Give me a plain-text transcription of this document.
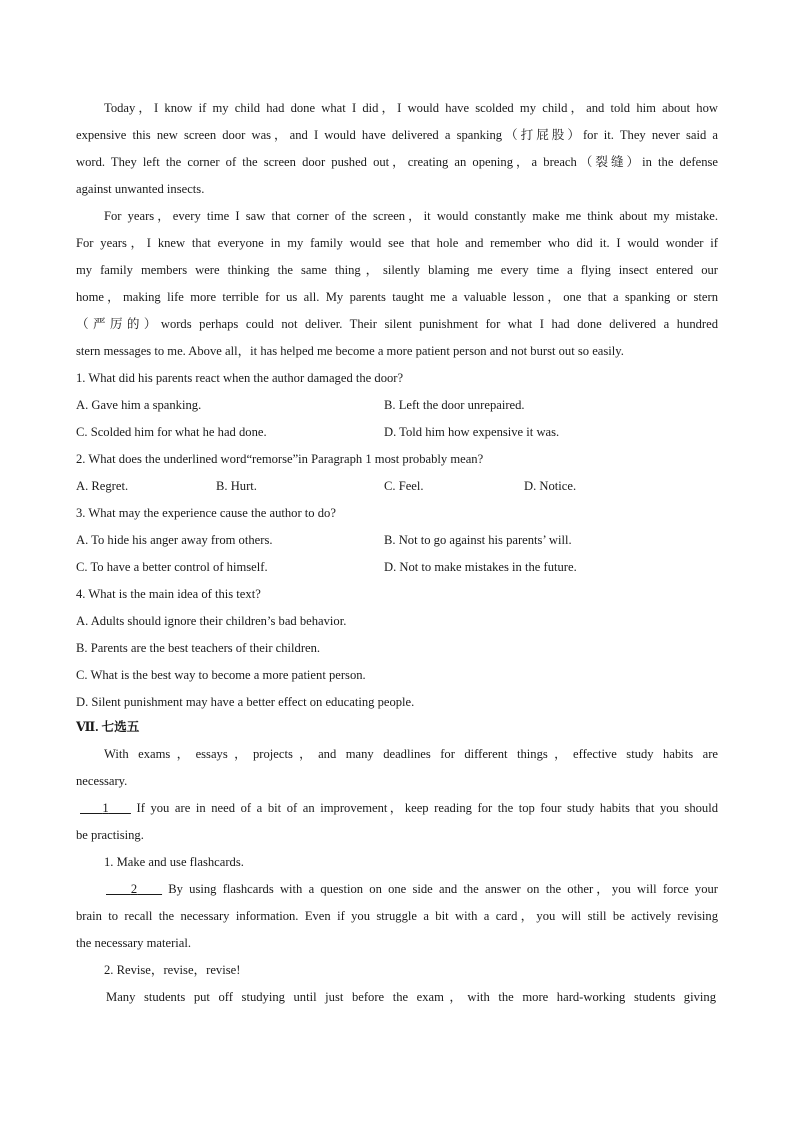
Today，I know if my child had done what I did，I would have scolded my child，and told him about how
expensive this new screen door was，and I would have delivered a spanking（打屁股）for it. They never said a
word. They left the corner of the screen door pushed out，creating an opening，a breach（裂缝）in the defense
against unwanted insects.
For years，every time I saw that corner of the screen，it would constantly make me think about my mistake.
For years，I knew that everyone in my family would see that hole and remember who did it. I would wonder if
my family members were thinking the same thing，silently blaming me every time a flying insect entered our
home，making life more terrible for us all. My parents taught me a valuable lesson，one that a spanking or stern
（严厉的）words perhaps could not deliver. Their silent punishment for what I had done delivered a hundred
stern messages to me. Above all，it has helped me become a more patient person and not burst out so easily.
1. What did his parents react when the author damaged the door?
A. Gave him a spanking.	B. Left the door unrepaired.
C. Scolded him for what he had done.	D. Told him how expensive it was.
2. What does the underlined word“remorse”in Paragraph 1 most probably mean?
A. Regret.	B. Hurt.	C. Feel.	D. Notice.
3. What may the experience cause the author to do?
A. To hide his anger away from others.	B. Not to go against his parents’ will.
C. To have a better control of himself.	D. Not to make mistakes in the future.
4. What is the main idea of this text?
A. Adults should ignore their children’s bad behavior.
B. Parents are the best teachers of their children.
C. What is the best way to become a more patient person.
D. Silent punishment may have a better effect on educating people.
Ⅶ. 七选五
With exams，essays，projects，and many deadlines for different things，effective study habits are
necessary.
1 If you are in need of a bit of an improvement，keep reading for the top four study habits that you should
be practising.
1. Make and use flashcards.
2 By using flashcards with a question on one side and the answer on the other，you will force your
brain to recall the necessary information. Even if you struggle a bit with a card，you will still be actively revising
the necessary material.
2. Revise，revise，revise!
Many students put off studying until just before the exam，with the more hard-working students giving
